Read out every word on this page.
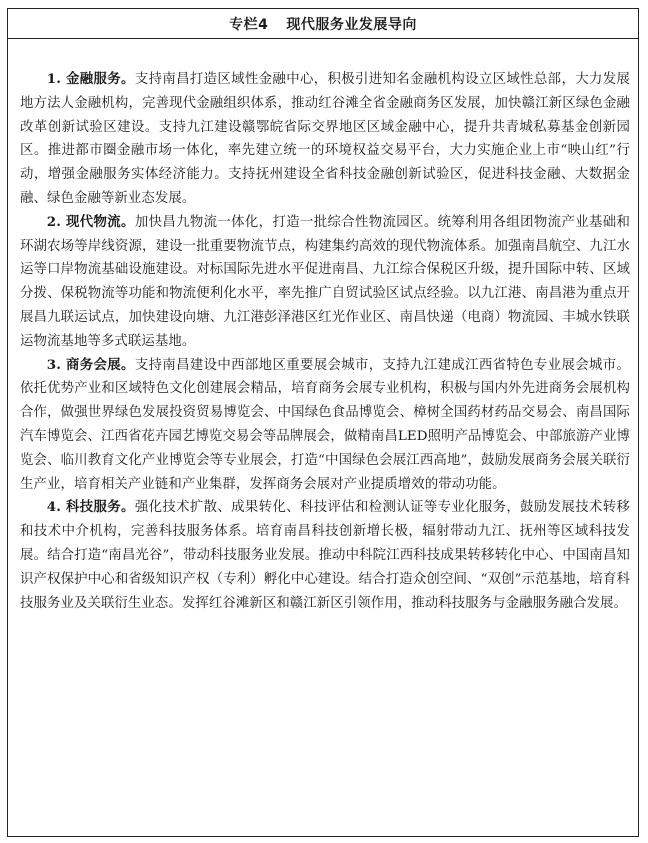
专栏4 现代服务业发展导向

1. 金融服务。支持南昌打造区域性金融中心，积极引进知名金融机构设立区域性总部，大力发展地方法人金融机构，完善现代金融组织体系，推动红谷滩全省金融商务区发展，加快赣江新区绿色金融改革创新试验区建设。支持九江建设赣鄂皖省际交界地区区域金融中心，提升共青城私募基金创新园区。推进都市圈金融市场一体化，率先建立统一的环境权益交易平台，大力实施企业上市“映山红”行动，增强金融服务实体经济能力。支持抚州建设全省科技金融创新试验区，促进科技金融、大数据金融、绿色金融等新业态发展。

2. 现代物流。加快昌九物流一体化，打造一批综合性物流园区。统筹利用各组团物流产业基础和环湖农场等岸线资源，建设一批重要物流节点，构建集约高效的现代物流体系。加强南昌航空、九江水运等口岸物流基础设施建设。对标国际先进水平促进南昌、九江综合保税区升级，提升国际中转、区域分拨、保税物流等功能和物流便利化水平，率先推广自贸试验区试点经验。以九江港、南昌港为重点开展昌九联运试点，加快建设向塘、九江港彭泽港区红光作业区、南昌快递（电商）物流园、丰城水铁联运物流基地等多式联运基地。

3. 商务会展。支持南昌建设中西部地区重要展会城市，支持九江建成江西省特色专业展会城市。依托优势产业和区域特色文化创建展会精品，培育商务会展专业机构，积极与国内外先进商务会展机构合作，做强世界绿色发展投资贸易博览会、中国绿色食品博览会、樟树全国药材药品交易会、南昌国际汽车博览会、江西省花卉园艺博览交易会等品牌展会，做精南昌LED照明产品博览会、中部旅游产业博览会、临川教育文化产业博览会等专业展会，打造“中国绿色会展江西高地”，鼓励发展商务会展关联衍生产业，培育相关产业链和产业集群，发挥商务会展对产业提质增效的带动功能。

4. 科技服务。强化技术扩散、成果转化、科技评估和检测认证等专业化服务，鼓励发展技术转移和技术中介机构，完善科技服务体系。培育南昌科技创新增长极，辐射带动九江、抚州等区域科技发展。结合打造“南昌光谷”，带动科技服务业发展。推动中科院江西科技成果转移转化中心、中国南昌知识产权保护中心和省级知识产权（专利）孵化中心建设。结合打造众创空间、“双创”示范基地，培育科技服务业及关联衍生业态。发挥红谷滩新区和赣江新区引领作用，推动科技服务与金融服务融合发展。
